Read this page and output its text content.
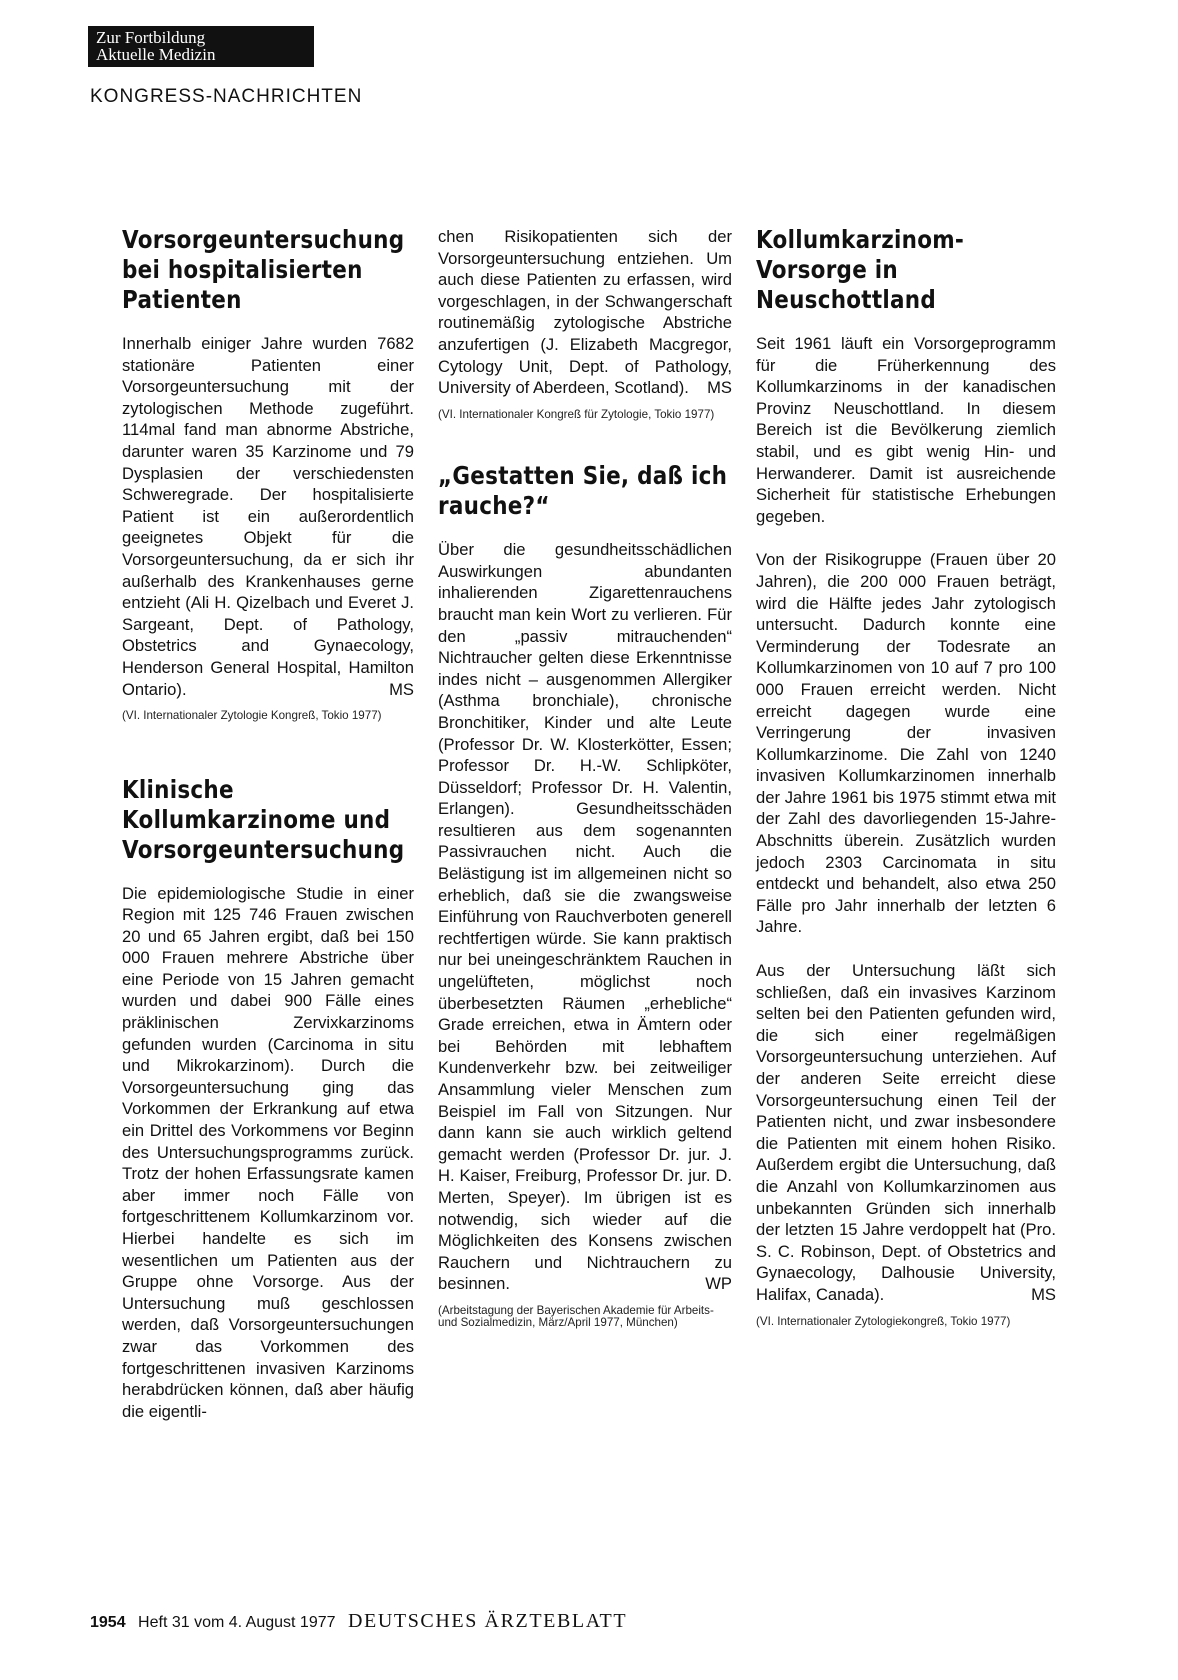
Zur Fortbildung
Aktuelle Medizin
KONGRESS-NACHRICHTEN
Vorsorgeuntersuchung bei hospitalisierten Patienten

Innerhalb einiger Jahre wurden 7682 stationäre Patienten einer Vorsorgeuntersuchung mit der zytologischen Methode zugeführt. 114mal fand man abnorme Abstriche, darunter waren 35 Karzinome und 79 Dysplasien der verschiedensten Schweregrade. Der hospitalisierte Patient ist ein außerordentlich geeignetes Objekt für die Vorsorgeuntersuchung, da er sich ihr außerhalb des Krankenhauses gerne entzieht (Ali H. Qizelbach und Everet J. Sargeant, Dept. of Pathology, Obstetrics and Gynaecology, Henderson General Hospital, Hamilton Ontario).	MS

(VI. Internationaler Zytologie Kongreß, Tokio 1977)

Klinische Kollumkarzinome und Vorsorgeuntersuchung

Die epidemiologische Studie in einer Region mit 125 746 Frauen zwischen 20 und 65 Jahren ergibt, daß bei 150 000 Frauen mehrere Abstriche über eine Periode von 15 Jahren gemacht wurden und dabei 900 Fälle eines präklinischen Zervixkarzinoms gefunden wurden (Carcinoma in situ und Mikrokarzinom). Durch die Vorsorgeuntersuchung ging das Vorkommen der Erkrankung auf etwa ein Drittel des Vorkommens vor Beginn des Untersuchungsprogramms zurück. Trotz der hohen Erfassungsrate kamen aber immer noch Fälle von fortgeschrittenem Kollumkarzinom vor. Hierbei handelte es sich im wesentlichen um Patienten aus der Gruppe ohne Vorsorge. Aus der Untersuchung muß geschlossen werden, daß Vorsorgeuntersuchungen zwar das Vorkommen des fortgeschrittenen invasiven Karzinoms herabdrücken können, daß aber häufig die eigentli-

chen Risikopatienten sich der Vorsorgeuntersuchung entziehen. Um auch diese Patienten zu erfassen, wird vorgeschlagen, in der Schwangerschaft routinemäßig zytologische Abstriche anzufertigen (J. Elizabeth Macgregor, Cytology Unit, Dept. of Pathology, University of Aberdeen, Scotland). MS

(VI. Internationaler Kongreß für Zytologie, Tokio 1977)

„Gestatten Sie, daß ich rauche?“

Über die gesundheitsschädlichen Auswirkungen abundanten inhalierenden Zigarettenrauchens braucht man kein Wort zu verlieren. Für den „passiv mitrauchenden“ Nichtraucher gelten diese Erkenntnisse indes nicht – ausgenommen Allergiker (Asthma bronchiale), chronische Bronchitiker, Kinder und alte Leute (Professor Dr. W. Klosterkötter, Essen; Professor Dr. H.-W. Schlipköter, Düsseldorf; Professor Dr. H. Valentin, Erlangen). Gesundheitsschäden resultieren aus dem sogenannten Passivrauchen nicht. Auch die Belästigung ist im allgemeinen nicht so erheblich, daß sie die zwangsweise Einführung von Rauchverboten generell rechtfertigen würde. Sie kann praktisch nur bei uneingeschränktem Rauchen in ungelüfteten, möglichst noch überbesetzten Räumen „erhebliche“ Grade erreichen, etwa in Ämtern oder bei Behörden mit lebhaftem Kundenverkehr bzw. bei zeitweiliger Ansammlung vieler Menschen zum Beispiel im Fall von Sitzungen. Nur dann kann sie auch wirklich geltend gemacht werden (Professor Dr. jur. J. H. Kaiser, Freiburg, Professor Dr. jur. D. Merten, Speyer). Im übrigen ist es notwendig, sich wieder auf die Möglichkeiten des Konsens zwischen Rauchern und Nichtrauchern zu besinnen.	WP

(Arbeitstagung der Bayerischen Akademie für Arbeits- und Sozialmedizin, März/April 1977, München)

Kollumkarzinom-Vorsorge in Neuschottland

Seit 1961 läuft ein Vorsorgeprogramm für die Früherkennung des Kollumkarzinoms in der kanadischen Provinz Neuschottland. In diesem Bereich ist die Bevölkerung ziemlich stabil, und es gibt wenig Hin- und Herwanderer. Damit ist ausreichende Sicherheit für statistische Erhebungen gegeben.

Von der Risikogruppe (Frauen über 20 Jahren), die 200 000 Frauen beträgt, wird die Hälfte jedes Jahr zytologisch untersucht. Dadurch konnte eine Verminderung der Todesrate an Kollumkarzinomen von 10 auf 7 pro 100 000 Frauen erreicht werden. Nicht erreicht dagegen wurde eine Verringerung der invasiven Kollumkarzinome. Die Zahl von 1240 invasiven Kollumkarzinomen innerhalb der Jahre 1961 bis 1975 stimmt etwa mit der Zahl des davorliegenden 15-Jahre-Abschnitts überein. Zusätzlich wurden jedoch 2303 Carcinomata in situ entdeckt und behandelt, also etwa 250 Fälle pro Jahr innerhalb der letzten 6 Jahre.

Aus der Untersuchung läßt sich schließen, daß ein invasives Karzinom selten bei den Patienten gefunden wird, die sich einer regelmäßigen Vorsorgeuntersuchung unterziehen. Auf der anderen Seite erreicht diese Vorsorgeuntersuchung einen Teil der Patienten nicht, und zwar insbesondere die Patienten mit einem hohen Risiko. Außerdem ergibt die Untersuchung, daß die Anzahl von Kollumkarzinomen aus unbekannten Gründen sich innerhalb der letzten 15 Jahre verdoppelt hat (Pro. S. C. Robinson, Dept. of Obstetrics and Gynaecology, Dalhousie University, Halifax, Canada).	MS

(VI. Internationaler Zytologiekongreß, Tokio 1977)

1954 Heft 31 vom 4. August 1977 DEUTSCHES ÄRZTEBLATT
